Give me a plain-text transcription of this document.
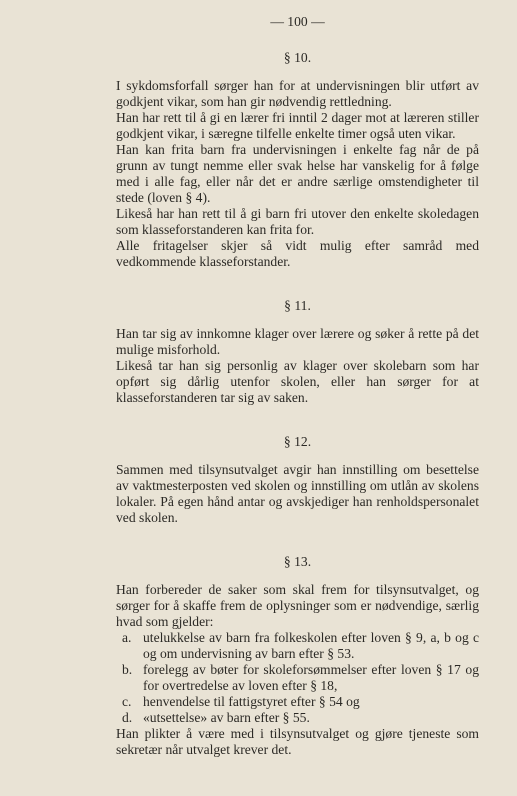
— 100 —
§ 10.

I sykdomsforfall sørger han for at undervisningen blir utført av godkjent vikar, som han gir nødvendig rettledning.

Han har rett til å gi en lærer fri inntil 2 dager mot at læreren stiller godkjent vikar, i særegne tilfelle enkelte timer også uten vikar.

Han kan frita barn fra undervisningen i enkelte fag når de på grunn av tungt nemme eller svak helse har vanskelig for å følge med i alle fag, eller når det er andre særlige omstendigheter til stede (loven § 4).

Likeså har han rett til å gi barn fri utover den enkelte skoledagen som klasseforstanderen kan frita for.

Alle fritagelser skjer så vidt mulig efter samråd med vedkommende klasseforstander.

§ 11.

Han tar sig av innkomne klager over lærere og søker å rette på det mulige misforhold.

Likeså tar han sig personlig av klager over skolebarn som har opført sig dårlig utenfor skolen, eller han sørger for at klasseforstanderen tar sig av saken.

§ 12.

Sammen med tilsynsutvalget avgir han innstilling om besettelse av vaktmesterposten ved skolen og innstilling om utlån av skolens lokaler. På egen hånd antar og avskjediger han renholdspersonalet ved skolen.

§ 13.

Han forbereder de saker som skal frem for tilsynsutvalget, og sørger for å skaffe frem de oplysninger som er nødvendige, særlig hvad som gjelder:

a. utelukkelse av barn fra folkeskolen efter loven § 9, a, b og c og om undervisning av barn efter § 53.
b. forelegg av bøter for skoleforsømmelser efter loven § 17 og for overtredelse av loven efter § 18,
c. henvendelse til fattigstyret efter § 54 og
d. «utsettelse» av barn efter § 55.

Han plikter å være med i tilsynsutvalget og gjøre tjeneste som sekretær når utvalget krever det.
